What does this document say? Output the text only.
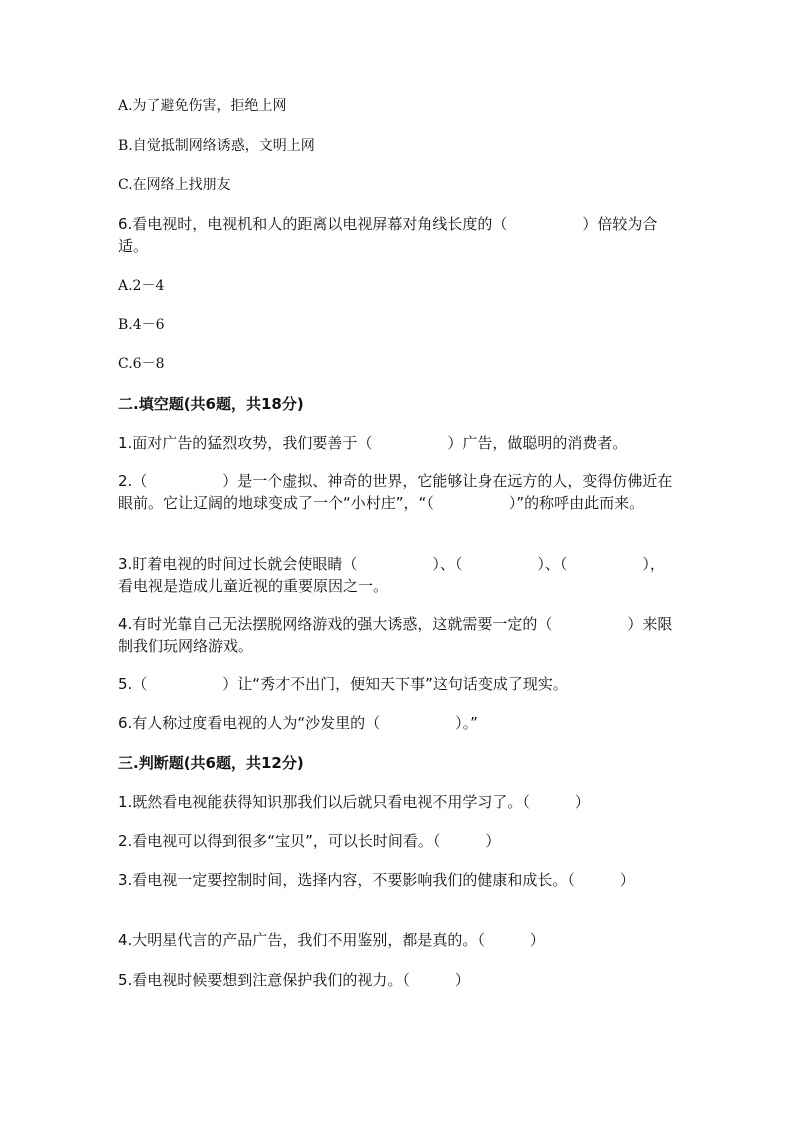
A.为了避免伤害，拒绝上网

B.自觉抵制网络诱惑，文明上网

C.在网络上找朋友

6.看电视时，电视机和人的距离以电视屏幕对角线长度的（　　　　　）倍较为合适。

A.2－4

B.4－6

C.6－8

二.填空题(共6题，共18分)

1.面对广告的猛烈攻势，我们要善于（　　　　　）广告，做聪明的消费者。

2.（　　　　　）是一个虚拟、神奇的世界，它能够让身在远方的人，变得仿佛近在眼前。它让辽阔的地球变成了一个“小村庄”，“（　　　　　）”的称呼由此而来。

3.盯着电视的时间过长就会使眼睛（　　　　　）、（　　　　　）、（　　　　　），看电视是造成儿童近视的重要原因之一。

4.有时光靠自己无法摆脱网络游戏的强大诱惑，这就需要一定的（　　　　　）来限制我们玩网络游戏。

5.（　　　　　）让“秀才不出门，便知天下事”这句话变成了现实。

6.有人称过度看电视的人为“沙发里的（　　　　　）。”

三.判断题(共6题，共12分)

1.既然看电视能获得知识那我们以后就只看电视不用学习了。（　　　）

2.看电视可以得到很多“宝贝”，可以长时间看。（　　　）

3.看电视一定要控制时间，选择内容，不要影响我们的健康和成长。（　　　）

4.大明星代言的产品广告，我们不用鉴别，都是真的。（　　　）

5.看电视时候要想到注意保护我们的视力。（　　　）
